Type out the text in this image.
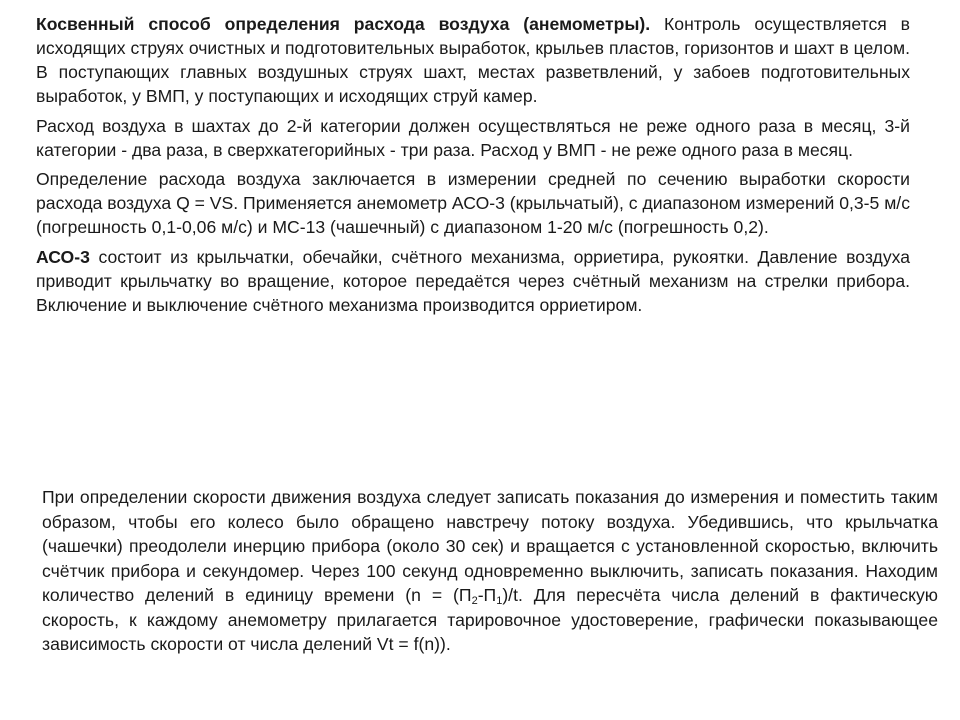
Косвенный способ определения расхода воздуха (анемометры). Контроль осуществляется в исходящих струях очистных и подготовительных выработок, крыльев пластов, горизонтов и шахт в целом. В поступающих главных воздушных струях шахт, местах разветвлений, у забоев подготовительных выработок, у ВМП, у поступающих и исходящих струй камер.

Расход воздуха в шахтах до 2-й категории должен осуществляться не реже одного раза в месяц, 3-й категории - два раза, в сверхкатегорийных - три раза. Расход у ВМП - не реже одного раза в месяц.

Определение расхода воздуха заключается в измерении средней по сечению выработки скорости расхода воздуха Q = VS. Применяется анемометр АСО-3 (крыльчатый), с диапазоном измерений 0,3-5 м/с (погрешность 0,1-0,06 м/с) и МС-13 (чашечный) с диапазоном 1-20 м/с (погрешность 0,2).

АСО-3 состоит из крыльчатки, обечайки, счётного механизма, орриетира, рукоятки. Давление воздуха приводит крыльчатку во вращение, которое передаётся через счётный механизм на стрелки прибора. Включение и выключение счётного механизма производится орриетиром.

При определении скорости движения воздуха следует записать показания до измерения и поместить таким образом, чтобы его колесо было обращено навстречу потоку воздуха. Убедившись, что крыльчатка (чашечки) преодолели инерцию прибора (около 30 сек) и вращается с установленной скоростью, включить счётчик прибора и секундомер. Через 100 секунд одновременно выключить, записать показания. Находим количество делений в единицу времени ($n = (П_2-П_1)/t$. Для пересчёта числа делений в фактическую скорость, к каждому анемометру прилагается тарировочное удостоверение, графически показывающее зависимость скорости от числа делений Vt = f(n)).
